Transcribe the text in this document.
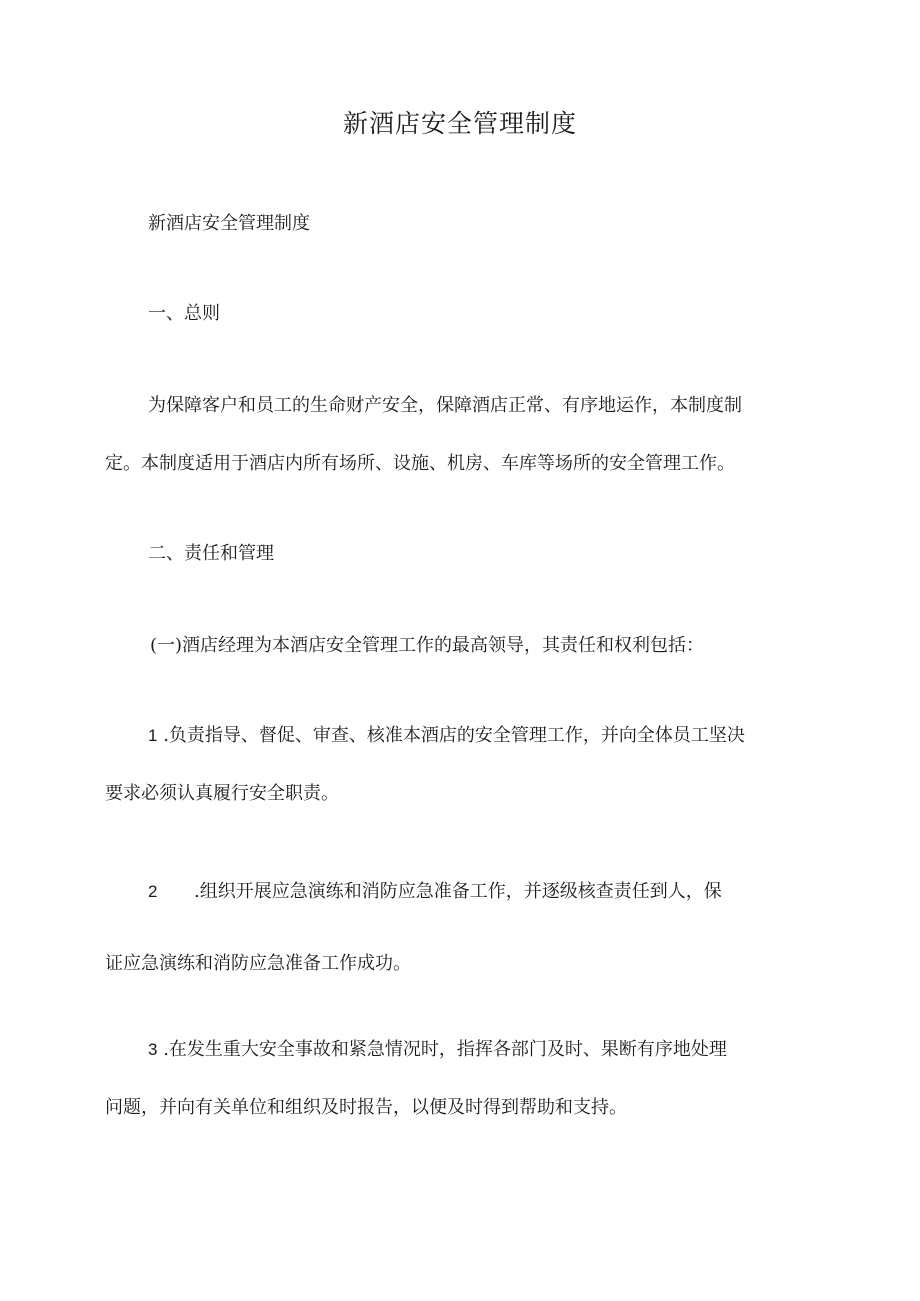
新酒店安全管理制度
新酒店安全管理制度
一、总则
为保障客户和员工的生命财产安全，保障酒店正常、有序地运作，本制度制
定。本制度适用于酒店内所有场所、设施、机房、车库等场所的安全管理工作。
二、责任和管理
(一)酒店经理为本酒店安全管理工作的最高领导，其责任和权利包括：
1 .负责指导、督促、审查、核准本酒店的安全管理工作，并向全体员工坚决
要求必须认真履行安全职责。
2 .组织开展应急演练和消防应急准备工作，并逐级核查责任到人，保
证应急演练和消防应急准备工作成功。
3 .在发生重大安全事故和紧急情况时，指挥各部门及时、果断有序地处理
问题，并向有关单位和组织及时报告，以便及时得到帮助和支持。
